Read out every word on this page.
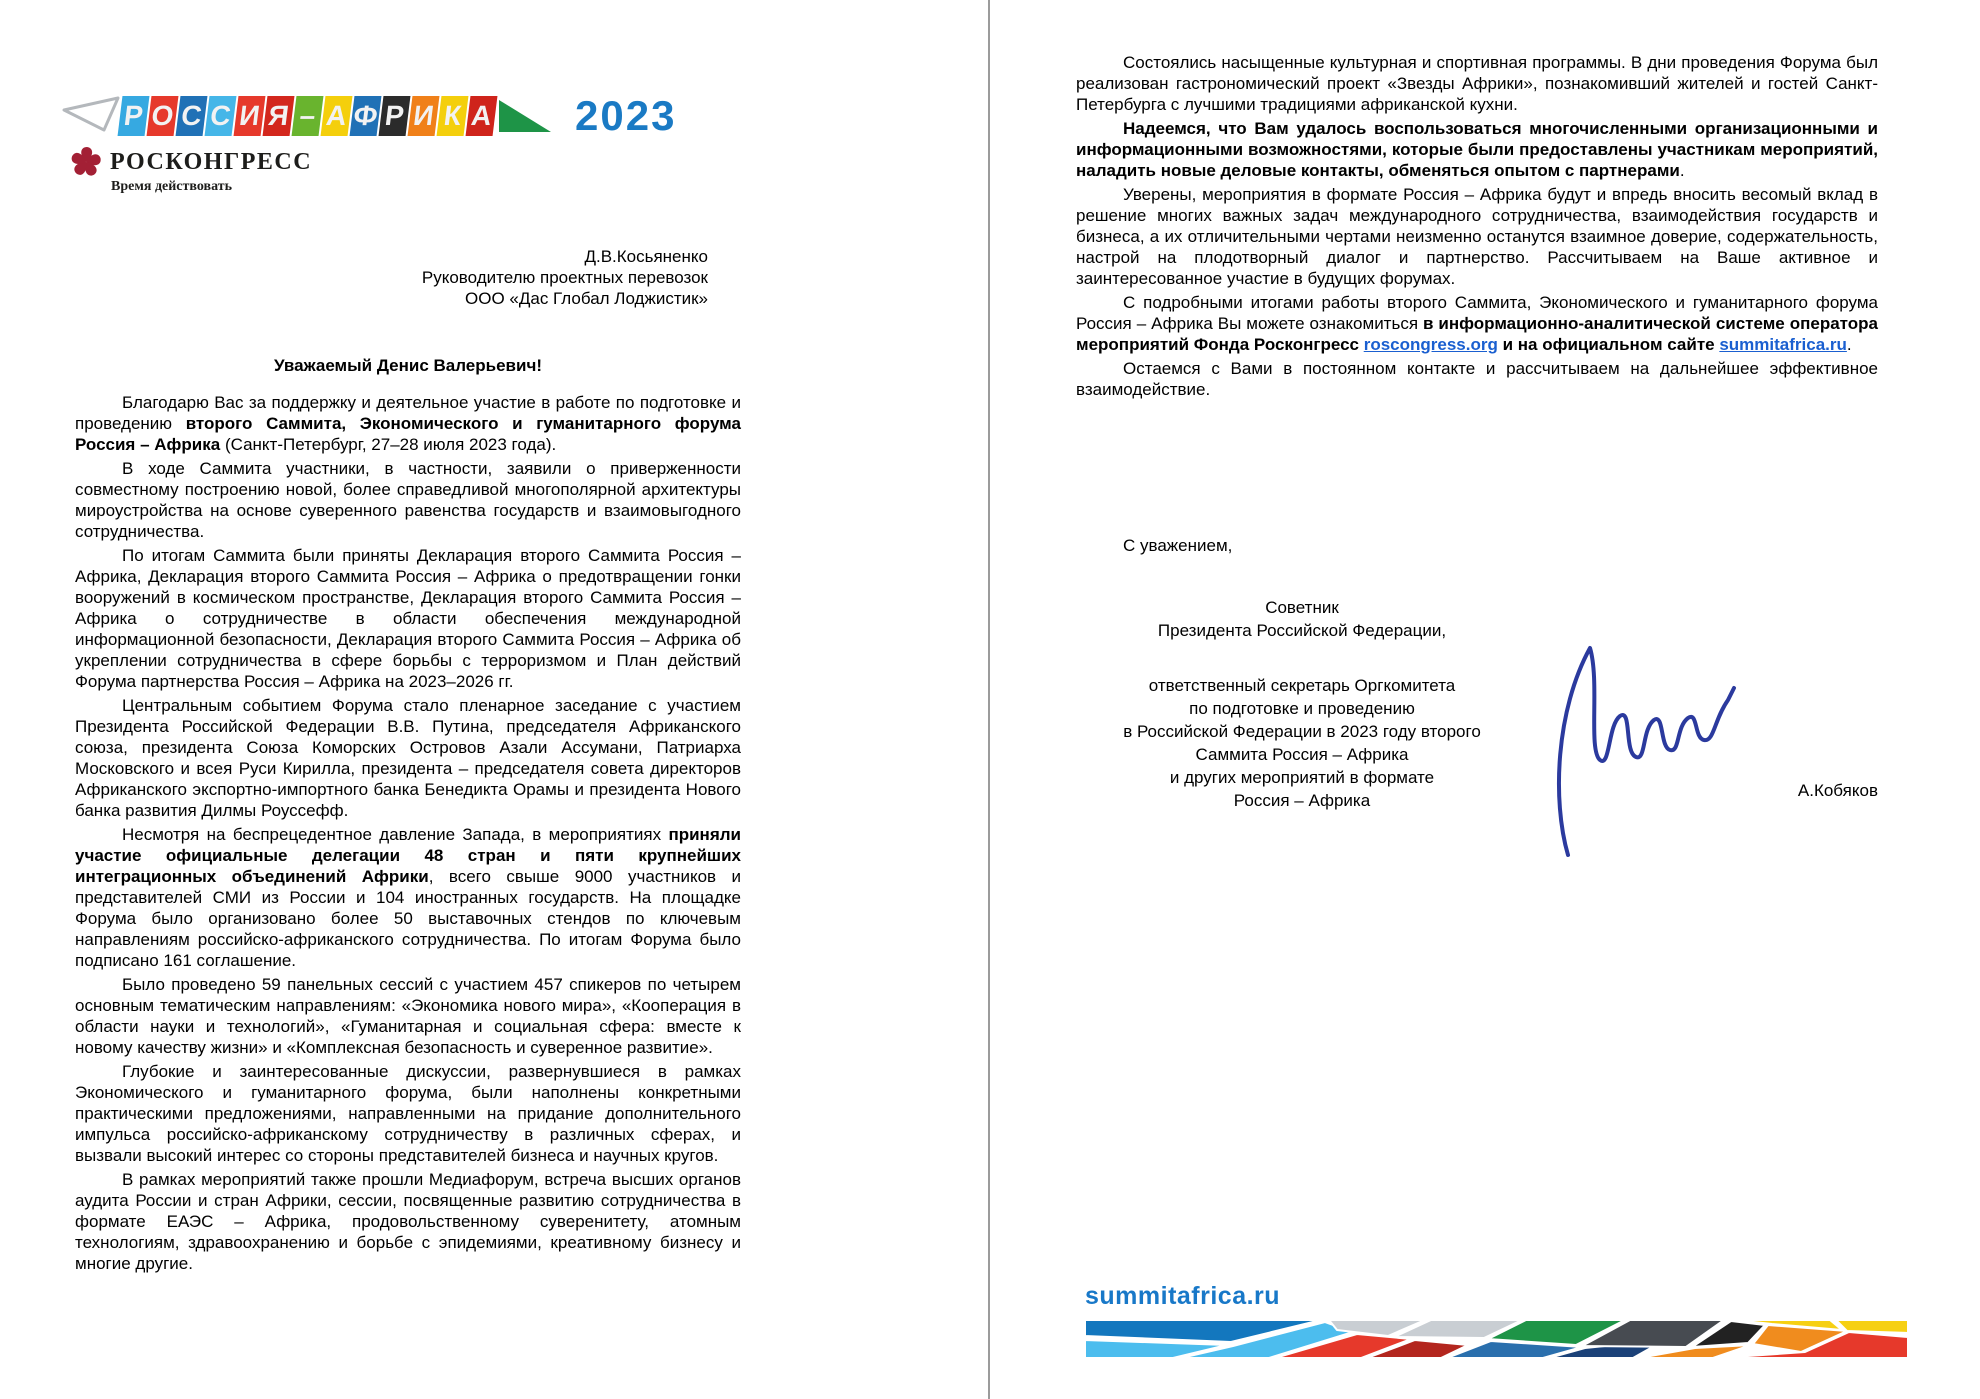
Р О С С И Я – А Ф Р И К А 2023
РОСКОНГРЕСС
Время действовать
Д.В.Косьяненко
Руководителю проектных перевозок
ООО «Дас Глобал Лоджистик»
Уважаемый Денис Валерьевич!

Благодарю Вас за поддержку и деятельное участие в работе по подготовке и проведению второго Саммита, Экономического и гуманитарного форума Россия – Африка (Санкт-Петербург, 27–28 июля 2023 года).

В ходе Саммита участники, в частности, заявили о приверженности совместному построению новой, более справедливой многополярной архитектуры мироустройства на основе суверенного равенства государств и взаимовыгодного сотрудничества.

По итогам Саммита были приняты Декларация второго Саммита Россия – Африка, Декларация второго Саммита Россия – Африка о предотвращении гонки вооружений в космическом пространстве, Декларация второго Саммита Россия – Африка о сотрудничестве в области обеспечения международной информационной безопасности, Декларация второго Саммита Россия – Африка об укреплении сотрудничества в сфере борьбы с терроризмом и План действий Форума партнерства Россия – Африка на 2023–2026 гг.

Центральным событием Форума стало пленарное заседание с участием Президента Российской Федерации В.В. Путина, председателя Африканского союза, президента Союза Коморских Островов Азали Ассумани, Патриарха Московского и всея Руси Кирилла, президента – председателя совета директоров Африканского экспортно-импортного банка Бенедикта Орамы и президента Нового банка развития Дилмы Роуссефф.

Несмотря на беспрецедентное давление Запада, в мероприятиях приняли участие официальные делегации 48 стран и пяти крупнейших интеграционных объединений Африки, всего свыше 9000 участников и представителей СМИ из России и 104 иностранных государств. На площадке Форума было организовано более 50 выставочных стендов по ключевым направлениям российско-африканского сотрудничества. По итогам Форума было подписано 161 соглашение.

Было проведено 59 панельных сессий с участием 457 спикеров по четырем основным тематическим направлениям: «Экономика нового мира», «Кооперация в области науки и технологий», «Гуманитарная и социальная сфера: вместе к новому качеству жизни» и «Комплексная безопасность и суверенное развитие».

Глубокие и заинтересованные дискуссии, развернувшиеся в рамках Экономического и гуманитарного форума, были наполнены конкретными практическими предложениями, направленными на придание дополнительного импульса российско-африканскому сотрудничеству в различных сферах, и вызвали высокий интерес со стороны представителей бизнеса и научных кругов.

В рамках мероприятий также прошли Медиафорум, встреча высших органов аудита России и стран Африки, сессии, посвященные развитию сотрудничества в формате ЕАЭС – Африка, продовольственному суверенитету, атомным технологиям, здравоохранению и борьбе с эпидемиями, креативному бизнесу и многие другие.

Состоялись насыщенные культурная и спортивная программы. В дни проведения Форума был реализован гастрономический проект «Звезды Африки», познакомивший жителей и гостей Санкт-Петербурга с лучшими традициями африканской кухни.

Надеемся, что Вам удалось воспользоваться многочисленными организационными и информационными возможностями, которые были предоставлены участникам мероприятий, наладить новые деловые контакты, обменяться опытом с партнерами.

Уверены, мероприятия в формате Россия – Африка будут и впредь вносить весомый вклад в решение многих важных задач международного сотрудничества, взаимодействия государств и бизнеса, а их отличительными чертами неизменно останутся взаимное доверие, содержательность, настрой на плодотворный диалог и партнерство. Рассчитываем на Ваше активное и заинтересованное участие в будущих форумах.

С подробными итогами работы второго Саммита, Экономического и гуманитарного форума Россия – Африка Вы можете ознакомиться в информационно-аналитической системе оператора мероприятий Фонда Росконгресс roscongress.org и на официальном сайте summitafrica.ru.

Остаемся с Вами в постоянном контакте и рассчитываем на дальнейшее эффективное взаимодействие.

С уважением,
Советник
Президента Российской Федерации,
ответственный секретарь Оргкомитета
по подготовке и проведению
в Российской Федерации в 2023 году второго
Саммита Россия – Африка
и других мероприятий в формате
Россия – Африка
А.Кобяков
summitafrica.ru
